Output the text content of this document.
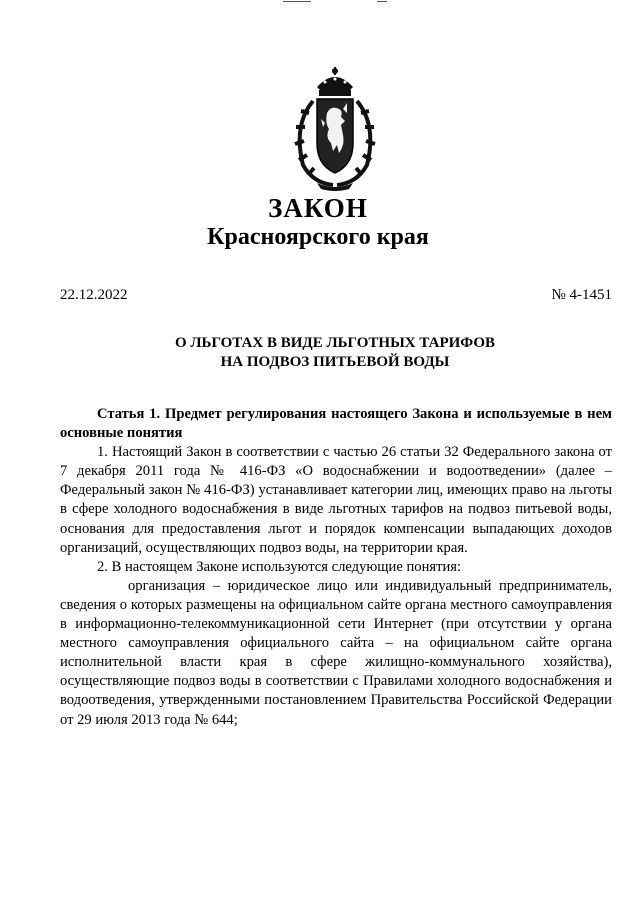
ЗАКОН
Красноярского края
22.12.2022	№ 4-1451
О ЛЬГОТАХ В ВИДЕ ЛЬГОТНЫХ ТАРИФОВ
НА ПОДВОЗ ПИТЬЕВОЙ ВОДЫ

Статья 1. Предмет регулирования настоящего Закона и используемые в нем основные понятия

1. Настоящий Закон в соответствии с частью 26 статьи 32 Федерального закона от 7 декабря 2011 года № 416-ФЗ «О водоснабжении и водоотведении» (далее – Федеральный закон № 416-ФЗ) устанавливает категории лиц, имеющих право на льготы в сфере холодного водоснабжения в виде льготных тарифов на подвоз питьевой воды, основания для предоставления льгот и порядок компенсации выпадающих доходов организаций, осуществляющих подвоз воды, на территории края.

2. В настоящем Законе используются следующие понятия:

организация – юридическое лицо или индивидуальный предприниматель, сведения о которых размещены на официальном сайте органа местного самоуправления в информационно-телекоммуникационной сети Интернет (при отсутствии у органа местного самоуправления официального сайта – на официальном сайте органа исполнительной власти края в сфере жилищно-коммунального хозяйства), осуществляющие подвоз воды в соответствии с Правилами холодного водоснабжения и водоотведения, утвержденными постановлением Правительства Российской Федерации от 29 июля 2013 года № 644;
